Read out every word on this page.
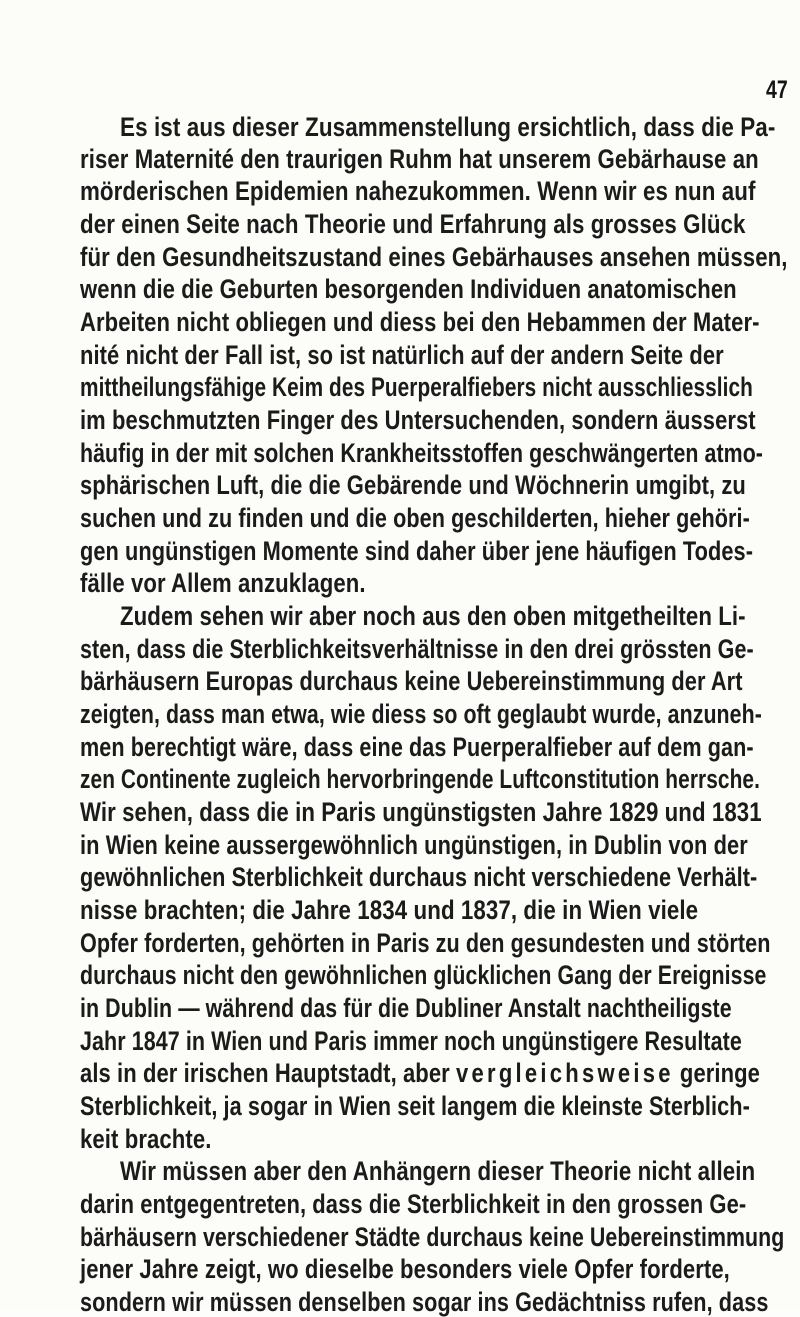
47
Es ist aus dieser Zusammenstellung ersichtlich, dass die Pa-
riser Maternité den traurigen Ruhm hat unserem Gebärhause an
mörderischen Epidemien nahezukommen. Wenn wir es nun auf
der einen Seite nach Theorie und Erfahrung als grosses Glück
für den Gesundheitszustand eines Gebärhauses ansehen müssen,
wenn die die Geburten besorgenden Individuen anatomischen
Arbeiten nicht obliegen und diess bei den Hebammen der Mater-
nité nicht der Fall ist, so ist natürlich auf der andern Seite der
mittheilungsfähige Keim des Puerperalfiebers nicht ausschliesslich
im beschmutzten Finger des Untersuchenden, sondern äusserst
häufig in der mit solchen Krankheitsstoffen geschwängerten atmo-
sphärischen Luft, die die Gebärende und Wöchnerin umgibt, zu
suchen und zu finden und die oben geschilderten, hieher gehöri-
gen ungünstigen Momente sind daher über jene häufigen Todes-
fälle vor Allem anzuklagen.
Zudem sehen wir aber noch aus den oben mitgetheilten Li-
sten, dass die Sterblichkeitsverhältnisse in den drei grössten Ge-
bärhäusern Europas durchaus keine Uebereinstimmung der Art
zeigten, dass man etwa, wie diess so oft geglaubt wurde, anzuneh-
men berechtigt wäre, dass eine das Puerperalfieber auf dem gan-
zen Continente zugleich hervorbringende Luftconstitution herrsche.
Wir sehen, dass die in Paris ungünstigsten Jahre 1829 und 1831
in Wien keine aussergewöhnlich ungünstigen, in Dublin von der
gewöhnlichen Sterblichkeit durchaus nicht verschiedene Verhält-
nisse brachten; die Jahre 1834 und 1837, die in Wien viele
Opfer forderten, gehörten in Paris zu den gesundesten und störten
durchaus nicht den gewöhnlichen glücklichen Gang der Ereignisse
in Dublin — während das für die Dubliner Anstalt nachtheiligste
Jahr 1847 in Wien und Paris immer noch ungünstigere Resultate
als in der irischen Hauptstadt, aber vergleichsweise geringe
Sterblichkeit, ja sogar in Wien seit langem die kleinste Sterblich-
keit brachte.
Wir müssen aber den Anhängern dieser Theorie nicht allein
darin entgegentreten, dass die Sterblichkeit in den grossen Ge-
bärhäusern verschiedener Städte durchaus keine Uebereinstimmung
jener Jahre zeigt, wo dieselbe besonders viele Opfer forderte,
sondern wir müssen denselben sogar ins Gedächtniss rufen, dass
